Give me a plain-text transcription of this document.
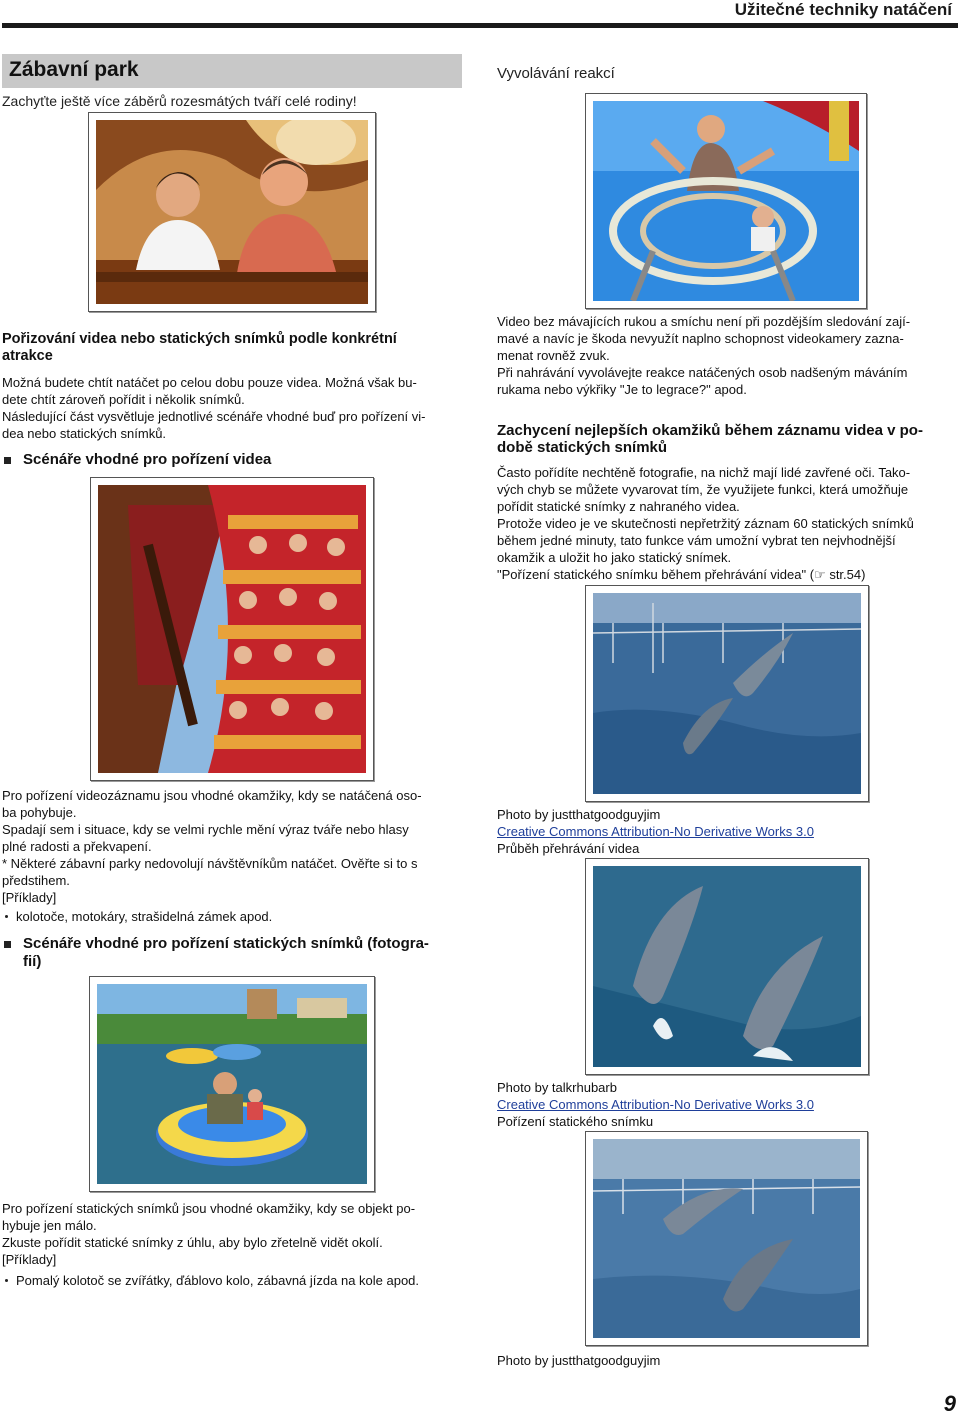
Užitečné techniky natáčení
Zábavní park
Zachyťte ještě více záběrů rozesmátých tváří celé rodiny!
Pořizování videa nebo statických snímků podle konkrétní
atrakce
Možná budete chtít natáčet po celou dobu pouze videa. Možná však bu-
dete chtít zároveň pořídit i několik snímků.
Následující část vysvětluje jednotlivé scénáře vhodné buď pro pořízení vi-
dea nebo statických snímků.
Scénáře vhodné pro pořízení videa
Pro pořízení videozáznamu jsou vhodné okamžiky, kdy se natáčená oso-
ba pohybuje.
Spadají sem i situace, kdy se velmi rychle mění výraz tváře nebo hlasy
plné radosti a překvapení.
* Některé zábavní parky nedovolují návštěvníkům natáčet. Ověřte si to s
předstihem.
[Příklady]
kolotoče, motokáry, strašidelná zámek apod.
Scénáře vhodné pro pořízení statických snímků (fotogra-
fií)
Pro pořízení statických snímků jsou vhodné okamžiky, kdy se objekt po-
hybuje jen málo.
Zkuste pořídit statické snímky z úhlu, aby bylo zřetelně vidět okolí.
[Příklady]
Pomalý kolotoč se zvířátky, ďáblovo kolo, zábavná jízda na kole apod.
Vyvolávání reakcí
Video bez mávajících rukou a smíchu není při pozdějším sledování zají-
mavé a navíc je škoda nevyužít naplno schopnost videokamery zazna-
menat rovněž zvuk.
Při nahrávání vyvolávejte reakce natáčených osob nadšeným máváním
rukama nebo výkřiky "Je to legrace?" apod.
Zachycení nejlepších okamžiků během záznamu videa v po-
době statických snímků
Často pořídíte nechtěně fotografie, na nichž mají lidé zavřené oči. Tako-
vých chyb se můžete vyvarovat tím, že využijete funkci, která umožňuje
pořídit statické snímky z nahraného videa.
Protože video je ve skutečnosti nepřetržitý záznam 60 statických snímků
během jedné minuty, tato funkce vám umožní vybrat ten nejvhodnější
okamžik a uložit ho jako statický snímek.
"Pořízení statického snímku během přehrávání videa" (☞ str.54)
Photo by justthatgoodguyjim
Creative Commons Attribution-No Derivative Works 3.0
Průběh přehrávání videa
Photo by talkrhubarb
Creative Commons Attribution-No Derivative Works 3.0
Pořízení statického snímku
Photo by justthatgoodguyjim
9
